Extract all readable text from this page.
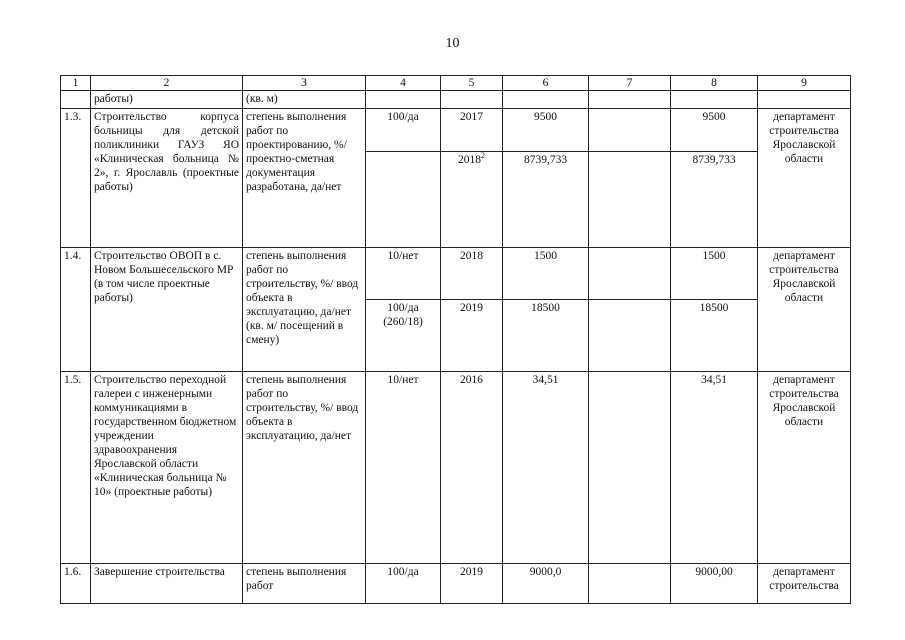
10
1	2	3	4	5	6	7	8	9
	работы)	(кв. м)						
1.3.	Строительство корпуса больницы для детской поликлиники ГАУЗ ЯО «Клиническая больница № 2», г. Ярославль (проектные работы)	степень выполнения работ по проектированию, %/ проектно-сметная документация разработана, да/нет	100/да	2017	9500		9500	департамент строительства Ярославской области
				2018$^2$	8739,733		8739,733	
1.4.	Строительство ОВОП в с. Новом Большесельского МР (в том числе проектные работы)	степень выполнения работ по строительству, %/ ввод объекта в эксплуатацию, да/нет (кв. м/ посещений в смену)	10/нет	2018	1500		1500	департамент строительства Ярославской области
			100/да (260/18)	2019	18500		18500	
1.5.	Строительство переходной галереи с инженерными коммуникациями в государственном бюджетном учреждении здравоохранения Ярославской области «Клиническая больница № 10» (проектные работы)	степень выполнения работ по строительству, %/ ввод объекта в эксплуатацию, да/нет	10/нет	2016	34,51		34,51	департамент строительства Ярославской области
1.6.	Завершение строительства	степень выполнения работ	100/да	2019	9000,0		9000,00	департамент строительства
